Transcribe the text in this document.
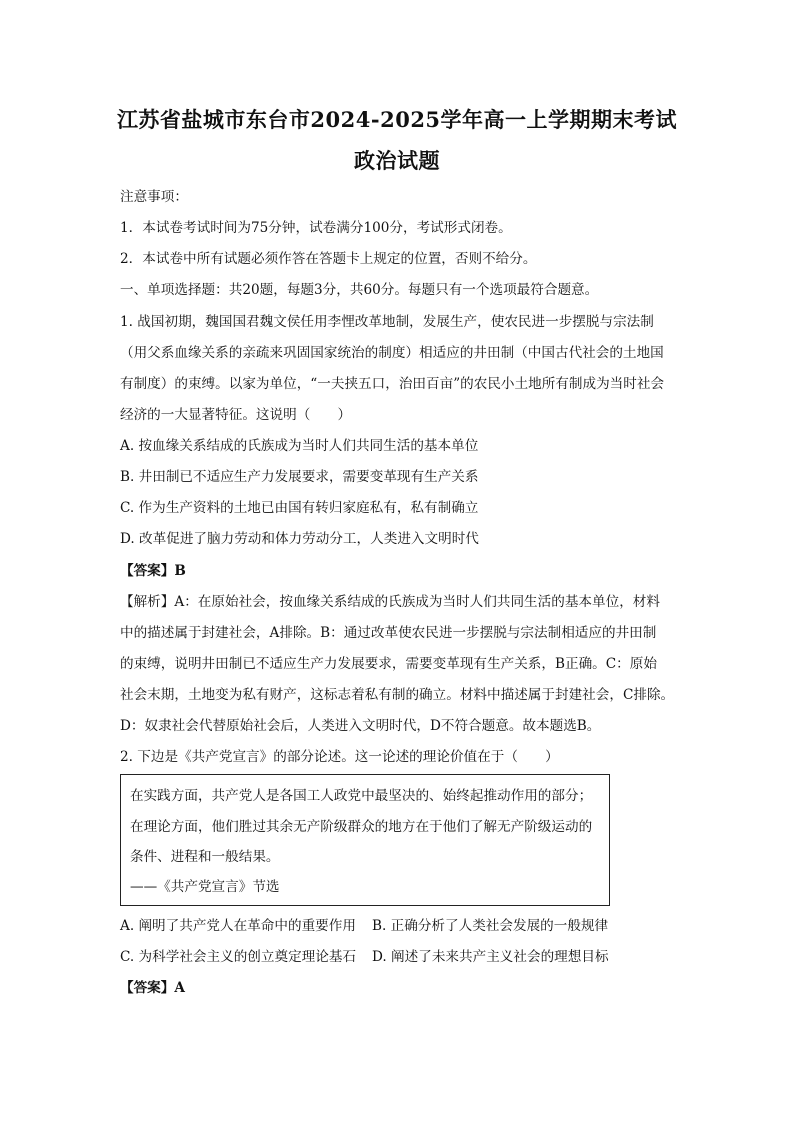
江苏省盐城市东台市2024-2025学年高一上学期期末考试
政治试题
注意事项：
1．本试卷考试时间为75分钟，试卷满分100分，考试形式闭卷。
2．本试卷中所有试题必须作答在答题卡上规定的位置，否则不给分。
一、单项选择题：共20题，每题3分，共60分。每题只有一个选项最符合题意。
1. 战国初期，魏国国君魏文侯任用李悝改革地制，发展生产，使农民进一步摆脱与宗法制
（用父系血缘关系的亲疏来巩固国家统治的制度）相适应的井田制（中国古代社会的土地国
有制度）的束缚。以家为单位，“一夫挟五口，治田百亩”的农民小土地所有制成为当时社会
经济的一大显著特征。这说明（　　）
A. 按血缘关系结成的氏族成为当时人们共同生活的基本单位
B. 井田制已不适应生产力发展要求，需要变革现有生产关系
C. 作为生产资料的土地已由国有转归家庭私有，私有制确立
D. 改革促进了脑力劳动和体力劳动分工，人类进入文明时代
【答案】B
【解析】A：在原始社会，按血缘关系结成的氏族成为当时人们共同生活的基本单位，材料
中的描述属于封建社会，A排除。B：通过改革使农民进一步摆脱与宗法制相适应的井田制
的束缚，说明井田制已不适应生产力发展要求，需要变革现有生产关系，B正确。C：原始
社会末期，土地变为私有财产，这标志着私有制的确立。材料中描述属于封建社会，C排除。
D：奴隶社会代替原始社会后，人类进入文明时代，D不符合题意。故本题选B。
2. 下边是《共产党宣言》的部分论述。这一论述的理论价值在于（　　）
在实践方面，共产党人是各国工人政党中最坚决的、始终起推动作用的部分；
在理论方面，他们胜过其余无产阶级群众的地方在于他们了解无产阶级运动的
条件、进程和一般结果。
——《共产党宣言》节选
A. 阐明了共产党人在革命中的重要作用 B. 正确分析了人类社会发展的一般规律
C. 为科学社会主义的创立奠定理论基石 D. 阐述了未来共产主义社会的理想目标
【答案】A
